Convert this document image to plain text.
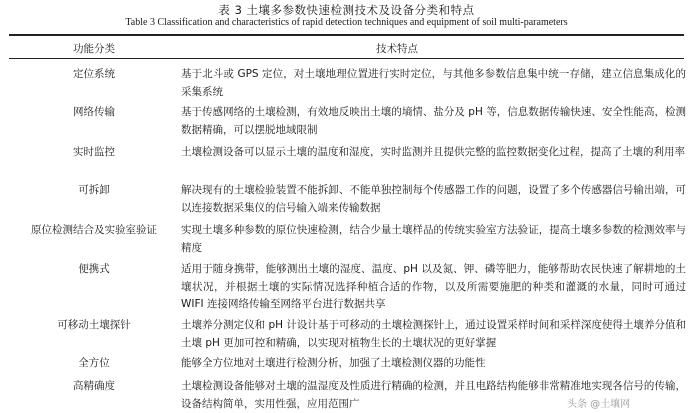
表 3 土壤多参数快速检测技术及设备分类和特点
Table 3 Classification and characteristics of rapid detection techniques and equipment of soil multi-parameters
功能分类	技术特点
定位系统	基于北斗或 GPS 定位，对土壤地理位置进行实时定位，与其他多参数信息集中统一存储，建立信息集成化的采集系统
网络传输	基于传感网络的土壤检测，有效地反映出土壤的墒情、盐分及 pH 等，信息数据传输快速、安全性能高，检测数据精确，可以摆脱地域限制
实时监控	土壤检测设备可以显示土壤的温度和湿度，实时监测并且提供完整的监控数据变化过程，提高了土壤的利用率
可拆卸	解决现有的土壤检验装置不能拆卸、不能单独控制每个传感器工作的问题，设置了多个传感器信号输出端，可以连接数据采集仪的信号输入端来传输数据
原位检测结合及实验室验证	实现土壤多种参数的原位快速检测，结合少量土壤样品的传统实验室方法验证，提高土壤多参数的检测效率与精度
便携式	适用于随身携带，能够测出土壤的湿度、温度、pH 以及氮、钾、磷等肥力，能够帮助农民快速了解耕地的土壤状况，并根据土壤的实际情况选择种植合适的作物，以及所需要施肥的种类和灌溉的水量，同时可通过 WIFI 连接网络传输至网络平台进行数据共享
可移动土壤探针	土壤养分测定仪和 pH 计设计基于可移动的土壤检测探针上，通过设置采样时间和采样深度使得土壤养分值和土壤 pH 更加可控和精确，以实现对植物生长的土壤状况的更好掌握
全方位	能够全方位地对土壤进行检测分析，加强了土壤检测仪器的功能性
高精确度	土壤检测设备能够对土壤的温湿度及性质进行精确的检测，并且电路结构能够非常精准地实现各信号的传输，设备结构简单，实用性强，应用范围广	头条 @土壤网
